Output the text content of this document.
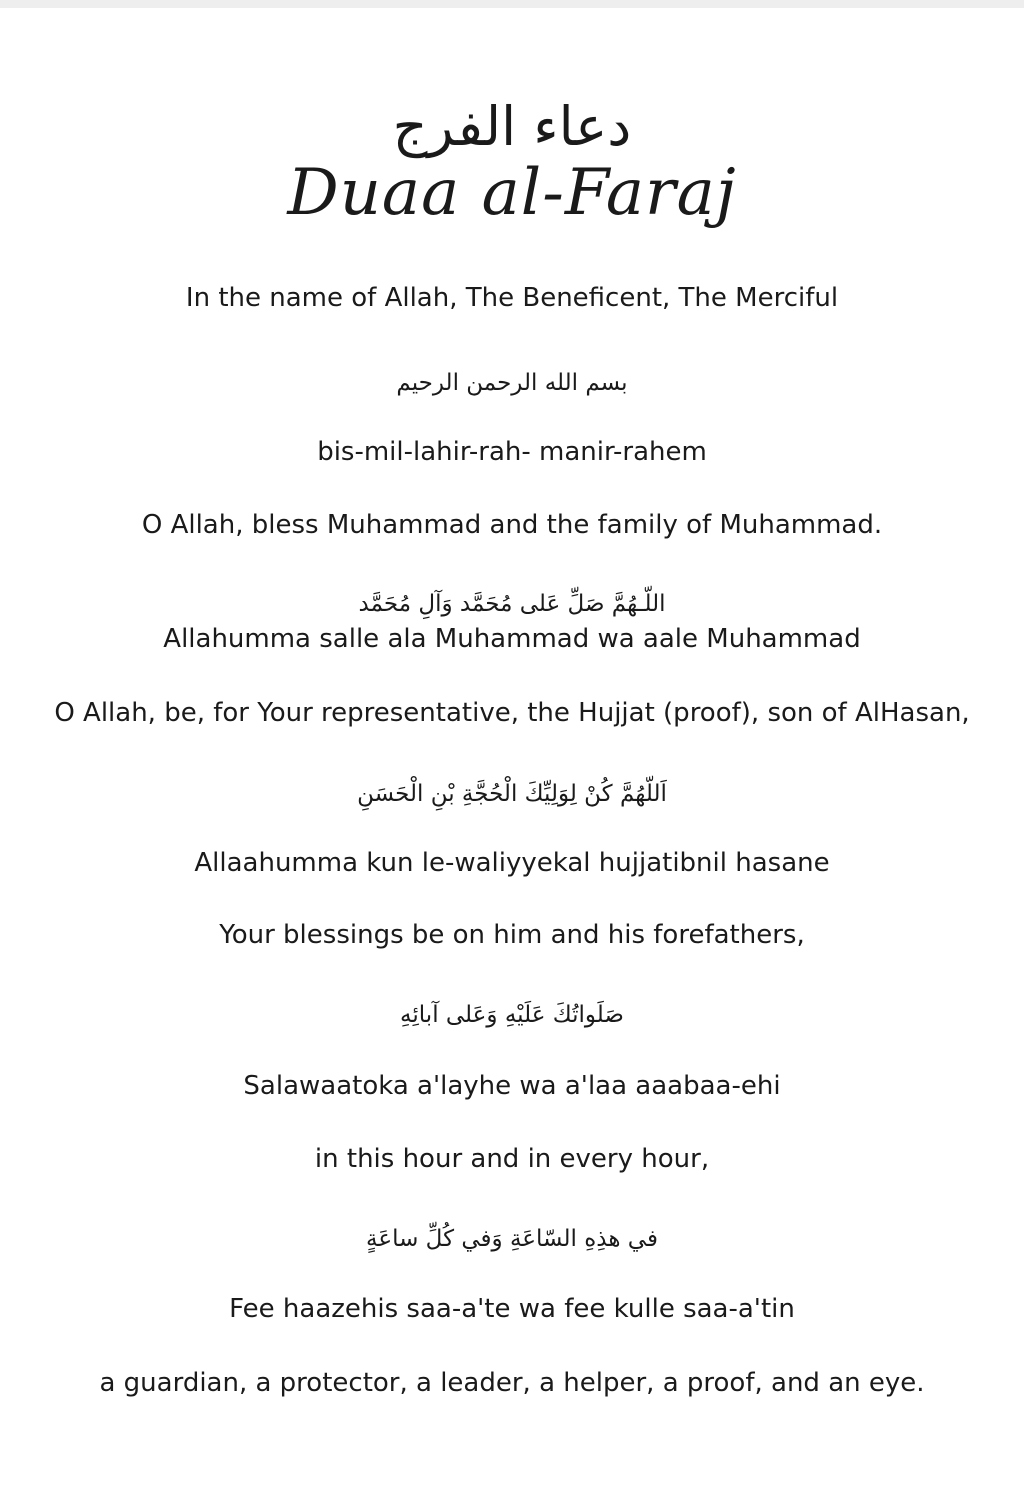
دعاء الفرج
Duaa al-Faraj
In the name of Allah, The Beneficent, The Merciful
بسم الله الرحمن الرحيم
bis-mil-lahir-rah- manir-rahem
O Allah, bless Muhammad and the family of Muhammad.
اللّـهُمَّ صَلِّ عَلى مُحَمَّد وَآلِ مُحَمَّد
Allahumma salle ala Muhammad wa aale Muhammad
O Allah, be, for Your representative, the Hujjat (proof), son of AlHasan,
اَللّهُمَّ كُنْ لِوَلِيِّكَ الْحُجَّةِ بْنِ الْحَسَنِ
Allaahumma kun le-waliyyekal hujjatibnil hasane
Your blessings be on him and his forefathers,
صَلَواتُكَ عَلَيْهِ وَعَلى آبائِهِ
Salawaatoka a'layhe wa a'laa aaabaa-ehi
in this hour and in every hour,
في هذِهِ السّاعَةِ وَفي كُلِّ ساعَةٍ
Fee haazehis saa-a'te wa fee kulle saa-a'tin
a guardian, a protector, a leader, a helper, a proof, and an eye.
